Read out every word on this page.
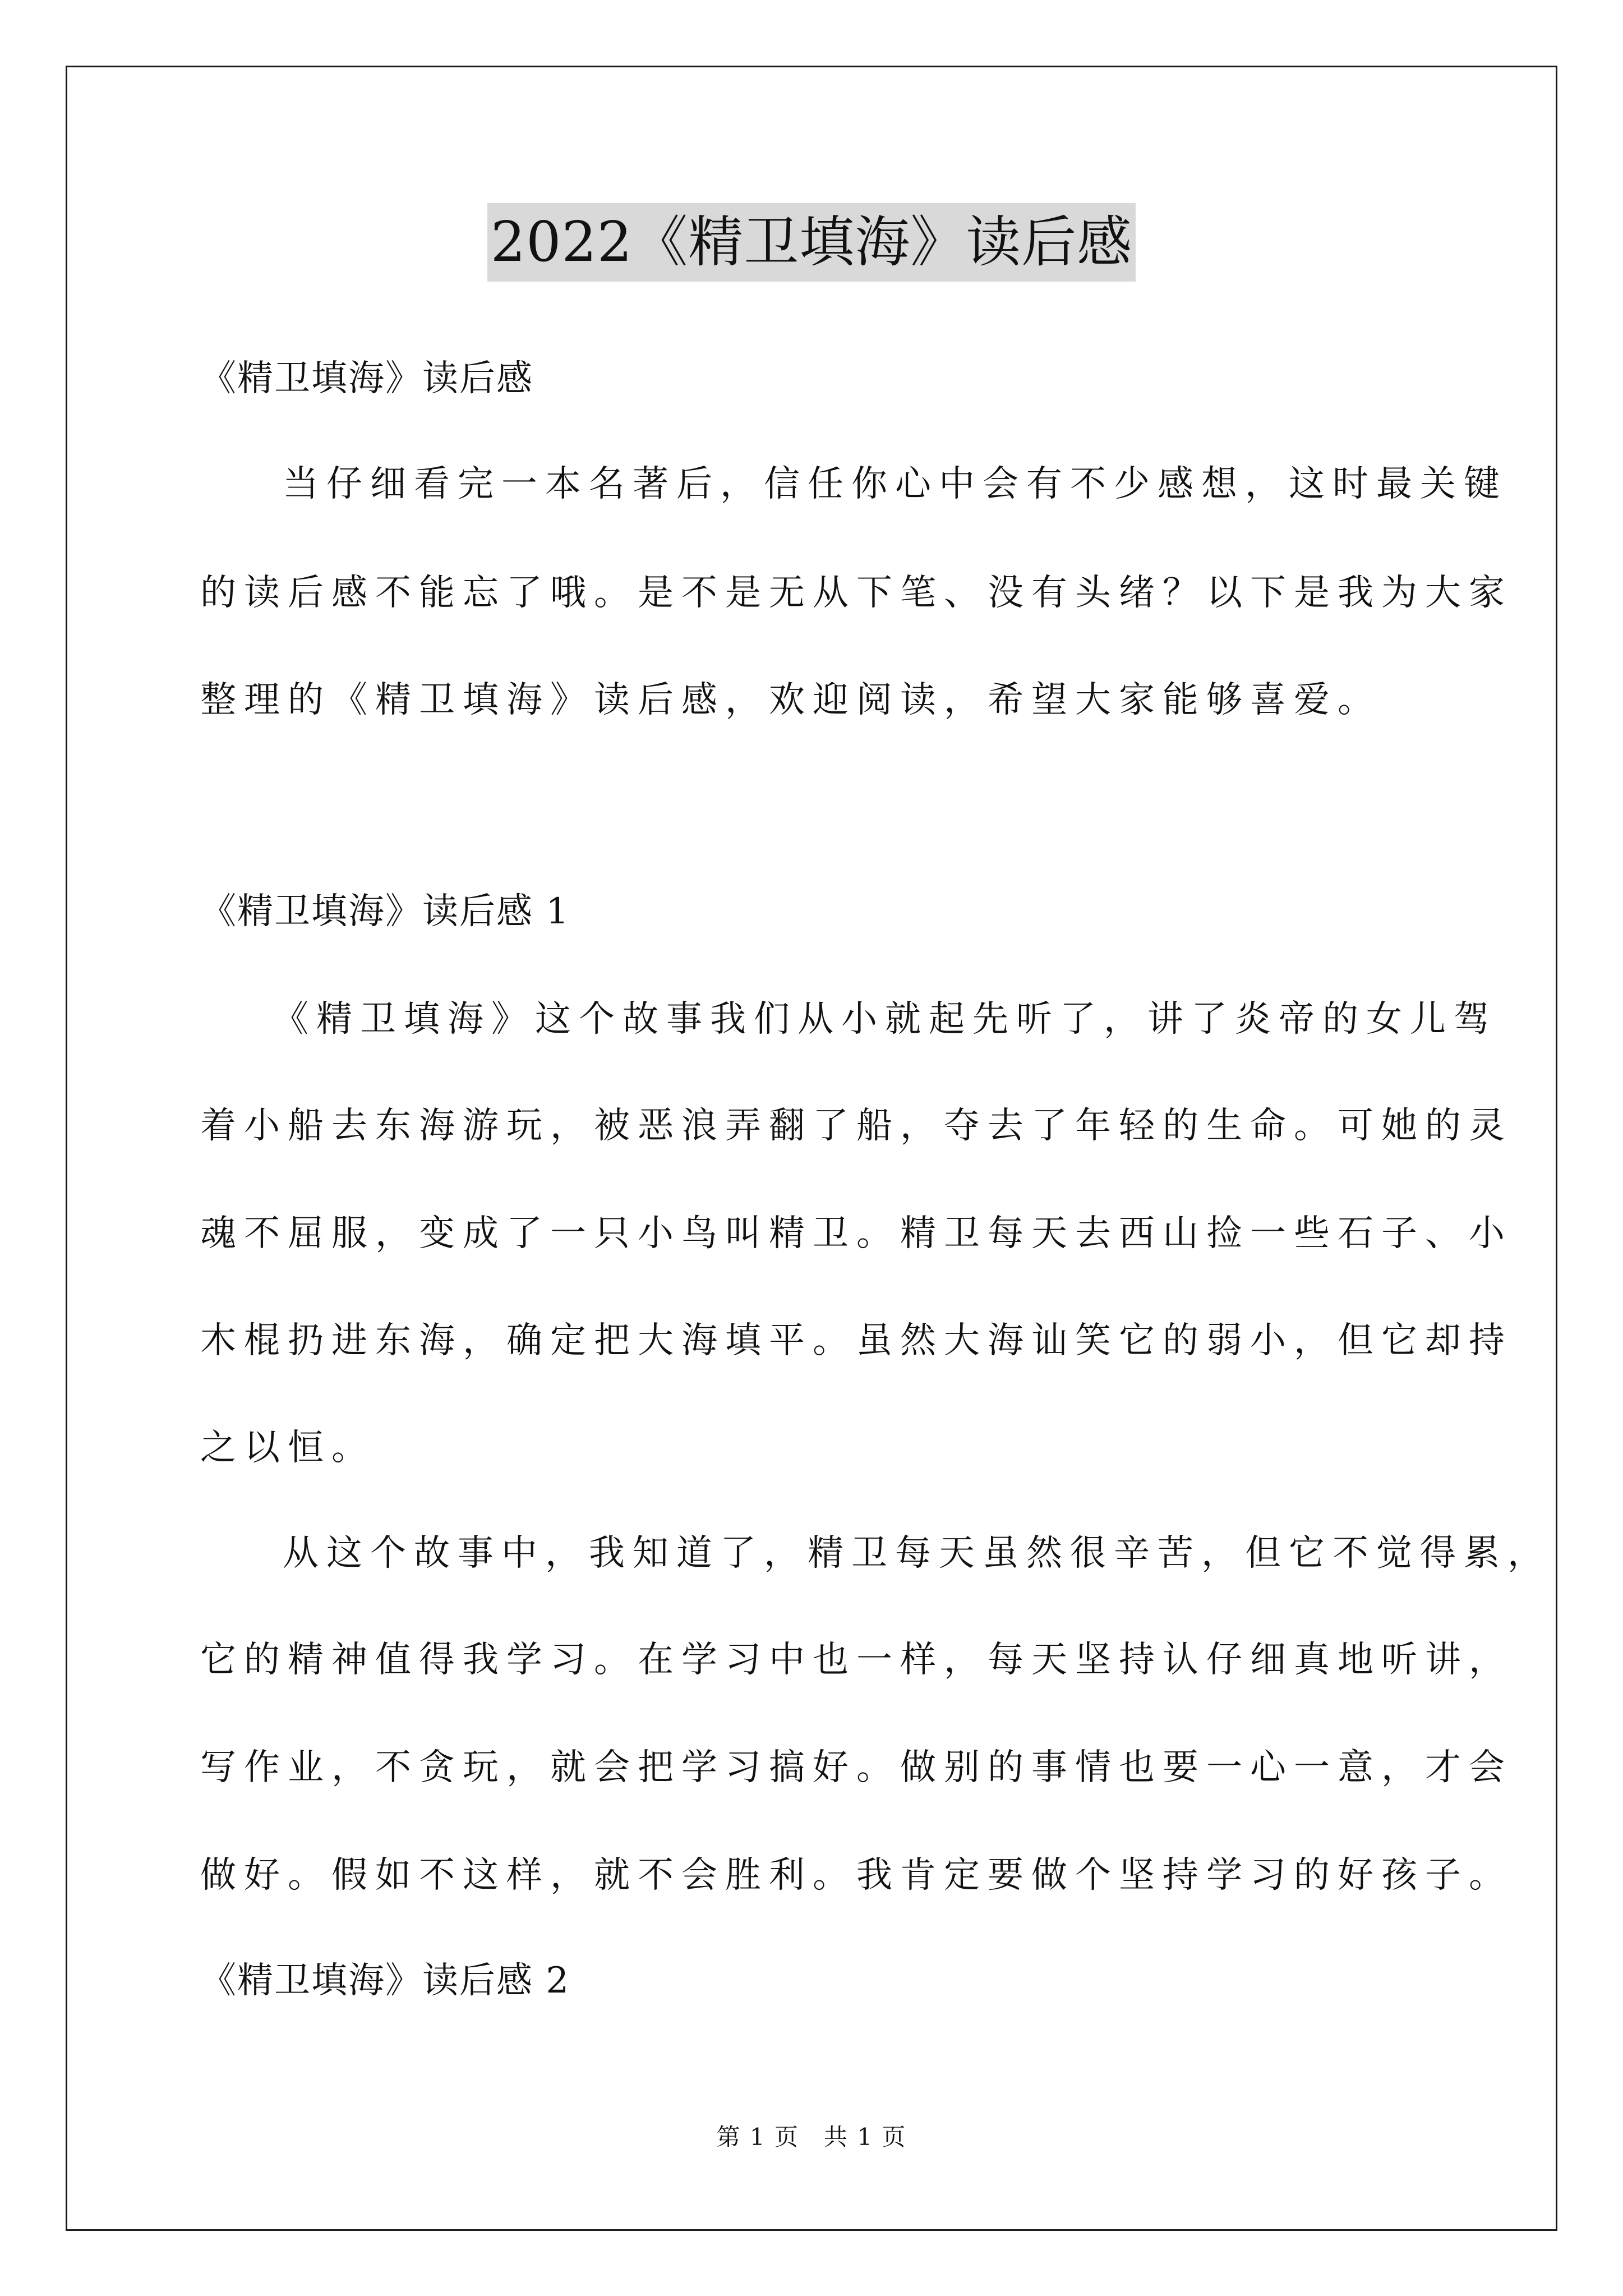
2022《精卫填海》读后感
《精卫填海》读后感
当仔细看完一本名著后，信任你心中会有不少感想，这时最关键
的读后感不能忘了哦。是不是无从下笔、没有头绪？以下是我为大家
整理的《精卫填海》读后感，欢迎阅读，希望大家能够喜爱。
《精卫填海》读后感 1
《精卫填海》这个故事我们从小就起先听了，讲了炎帝的女儿驾
着小船去东海游玩，被恶浪弄翻了船，夺去了年轻的生命。可她的灵
魂不屈服，变成了一只小鸟叫精卫。精卫每天去西山捡一些石子、小
木棍扔进东海，确定把大海填平。虽然大海讪笑它的弱小，但它却持
之以恒。
从这个故事中，我知道了，精卫每天虽然很辛苦，但它不觉得累，
它的精神值得我学习。在学习中也一样，每天坚持认仔细真地听讲，
写作业，不贪玩，就会把学习搞好。做别的事情也要一心一意，才会
做好。假如不这样，就不会胜利。我肯定要做个坚持学习的好孩子。
《精卫填海》读后感 2
第 1 页　共 1 页
